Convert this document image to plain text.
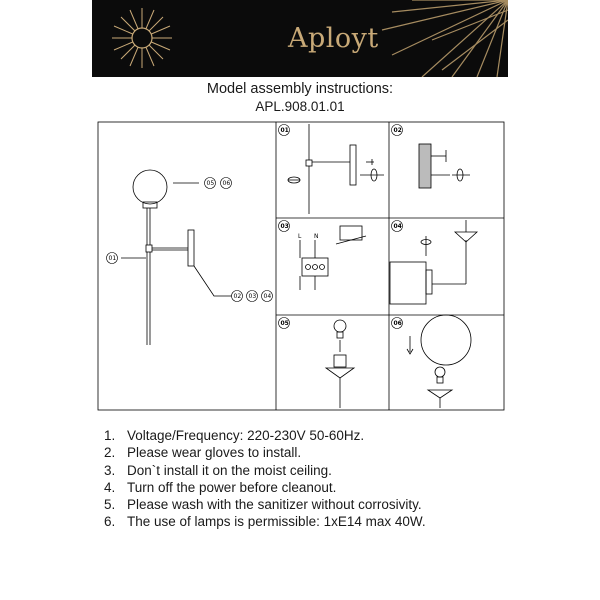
Aployt
Model assembly instructions:
APL.908.01.01
01
05 06
02 03 04
01	02
03
L N
04
05	06
1. Voltage/Frequency: 220-230V 50-60Hz.
2. Please wear gloves to install.
3. Don`t install it on the moist ceiling.
4. Turn off the power before cleanout.
5. Please wash with the sanitizer without corrosivity.
6. The use of lamps is permissible: 1xE14 max 40W.
